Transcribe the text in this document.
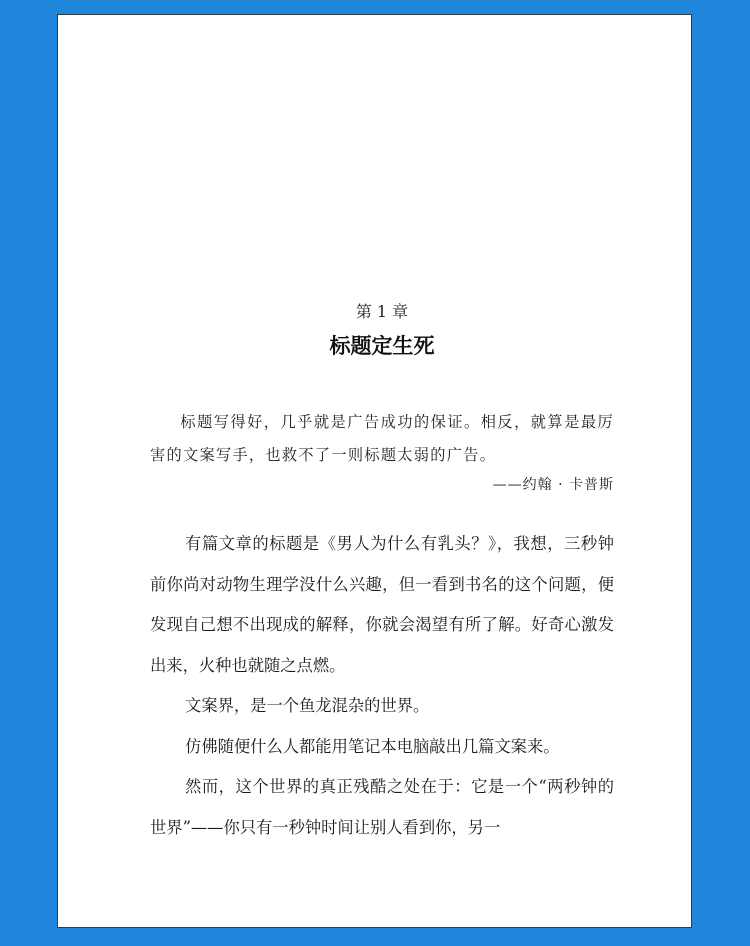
第 1 章
标题定生死
标题写得好，几乎就是广告成功的保证。相反，就算是最厉害的文案写手，也救不了一则标题太弱的广告。
——约翰 · 卡普斯

有篇文章的标题是《男人为什么有乳头？》，我想，三秒钟前你尚对动物生理学没什么兴趣，但一看到书名的这个问题，便发现自己想不出现成的解释，你就会渴望有所了解。好奇心激发出来，火种也就随之点燃。

文案界，是一个鱼龙混杂的世界。

仿佛随便什么人都能用笔记本电脑敲出几篇文案来。

然而，这个世界的真正残酷之处在于：它是一个“两秒钟的世界”——你只有一秒钟时间让别人看到你，另一
